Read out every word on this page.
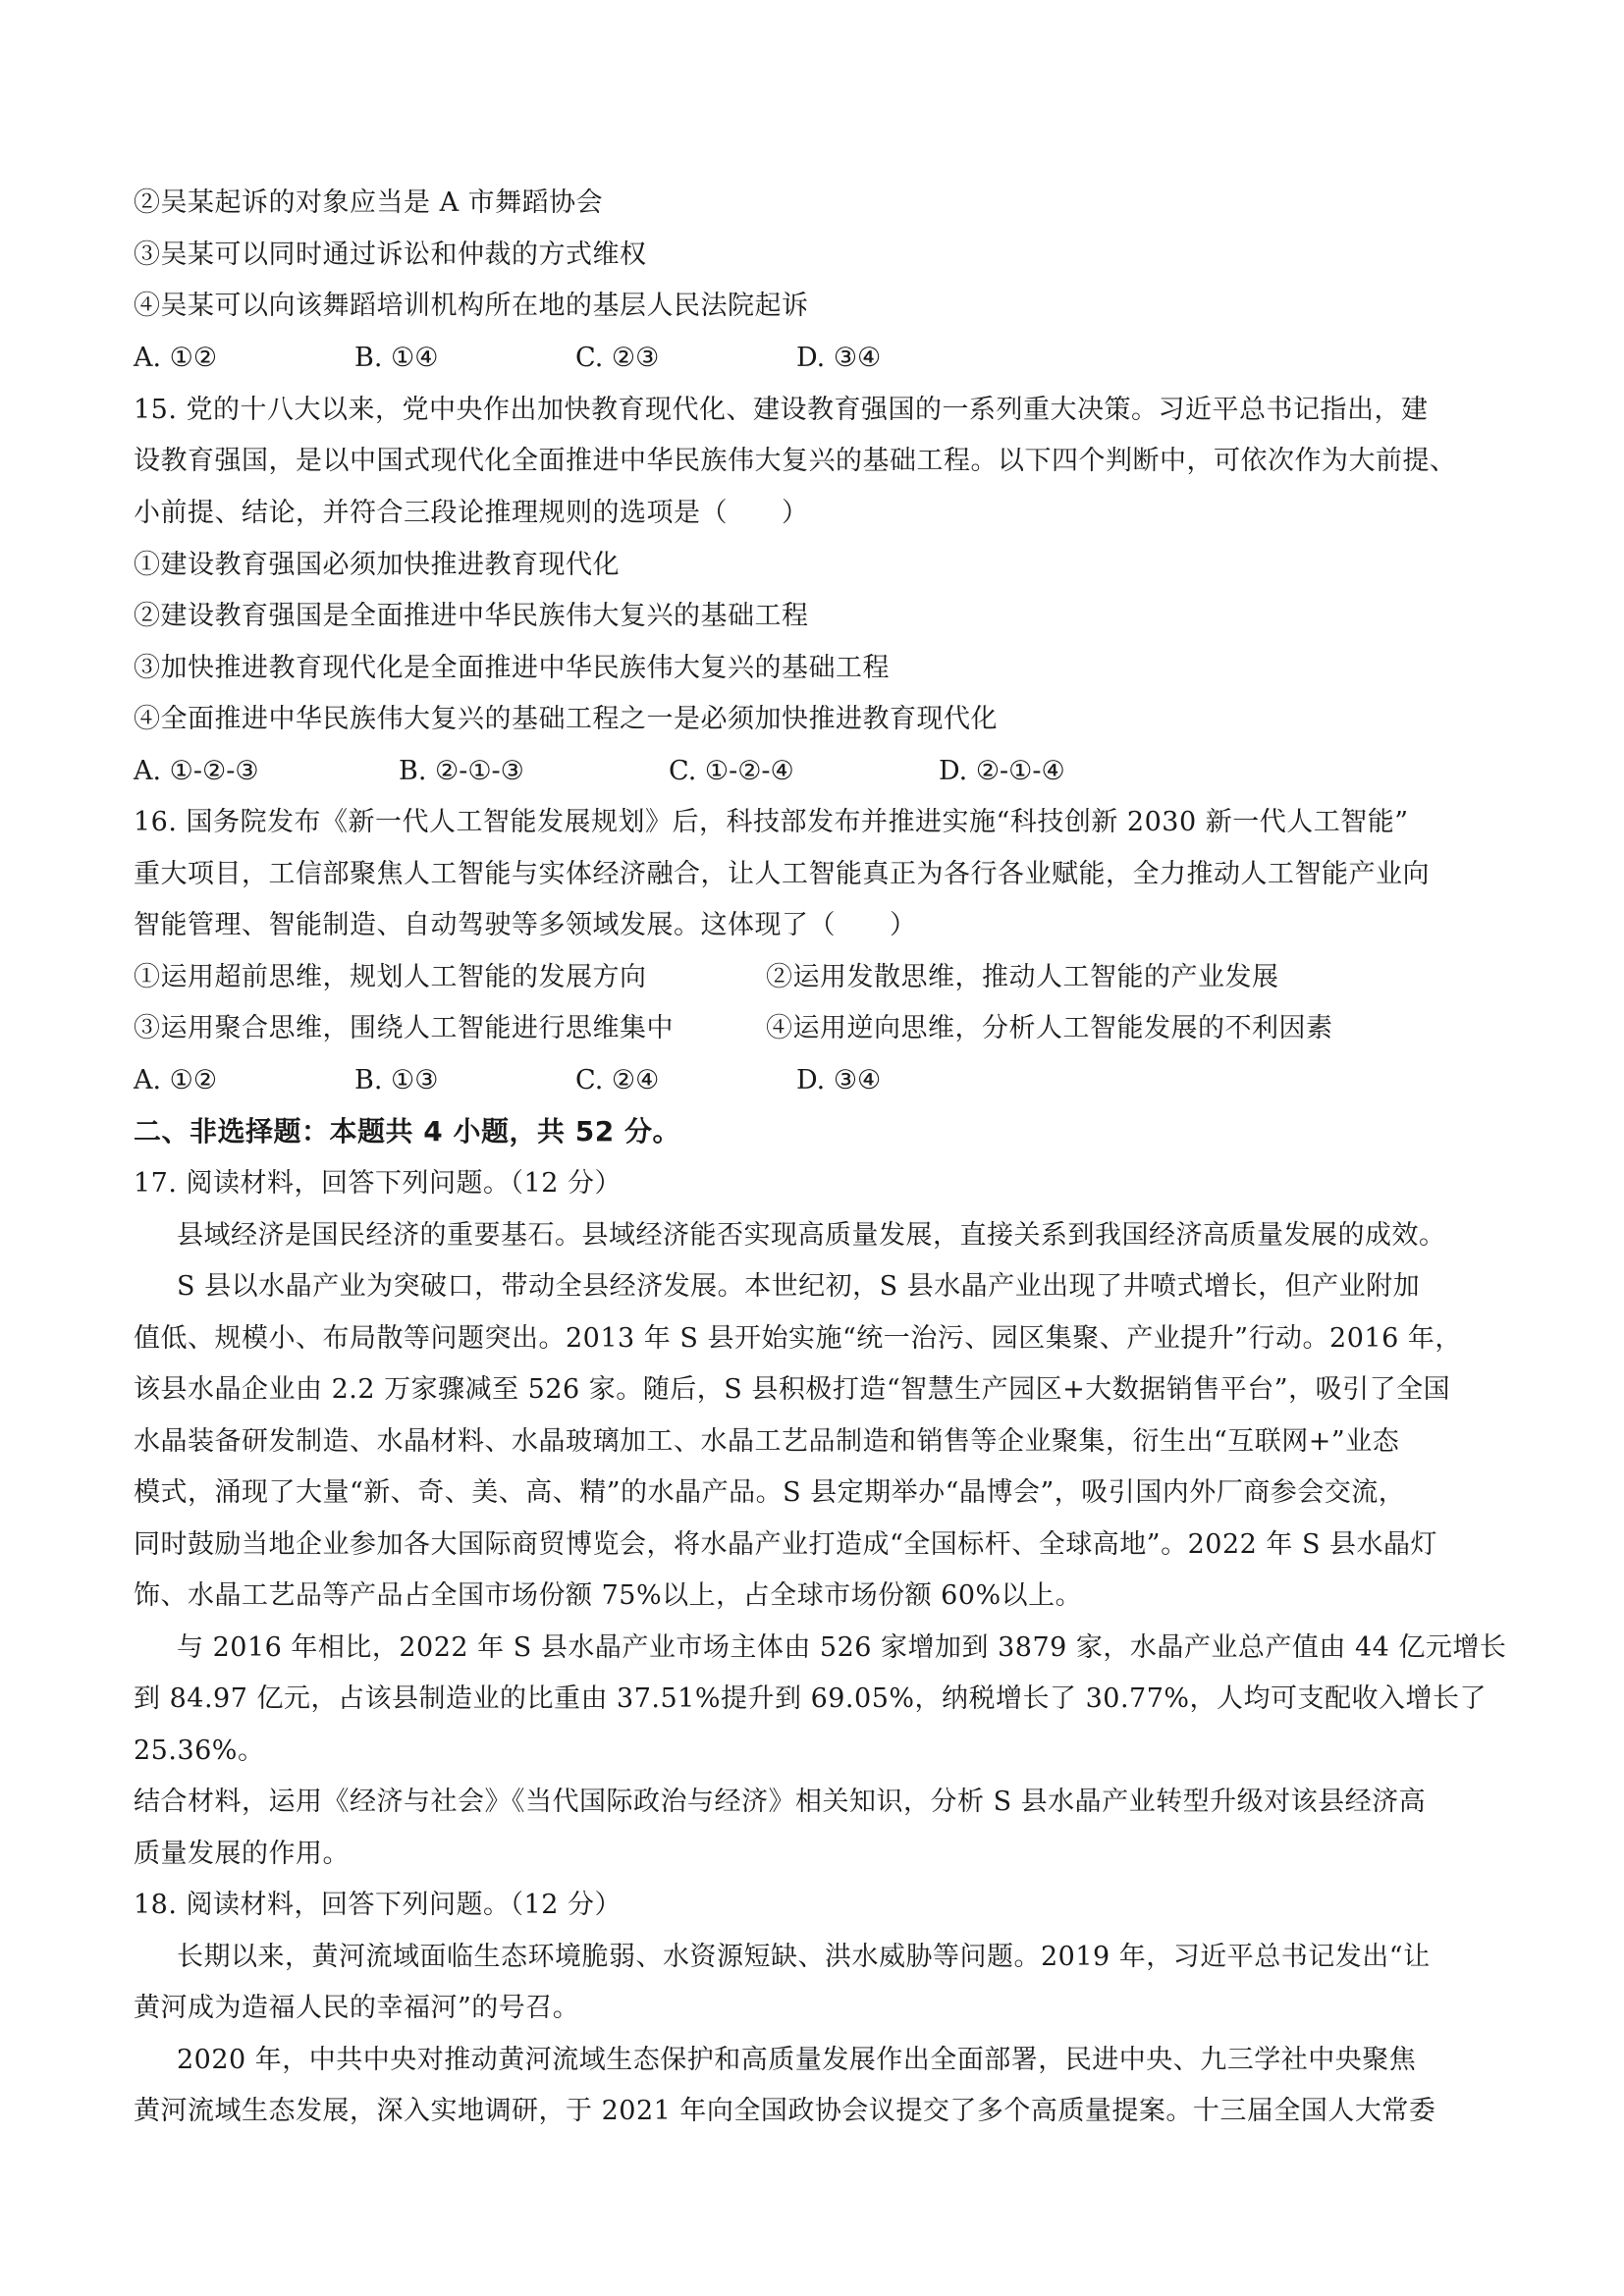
②吴某起诉的对象应当是 A 市舞蹈协会
③吴某可以同时通过诉讼和仲裁的方式维权
④吴某可以向该舞蹈培训机构所在地的基层人民法院起诉
A. ①②	B. ①④	C. ②③	D. ③④
15. 党的十八大以来，党中央作出加快教育现代化、建设教育强国的一系列重大决策。习近平总书记指出，建
设教育强国，是以中国式现代化全面推进中华民族伟大复兴的基础工程。以下四个判断中，可依次作为大前提、
小前提、结论，并符合三段论推理规则的选项是（　　）
①建设教育强国必须加快推进教育现代化
②建设教育强国是全面推进中华民族伟大复兴的基础工程
③加快推进教育现代化是全面推进中华民族伟大复兴的基础工程
④全面推进中华民族伟大复兴的基础工程之一是必须加快推进教育现代化
A. ①-②-③	B. ②-①-③	C. ①-②-④	D. ②-①-④
16. 国务院发布《新一代人工智能发展规划》后，科技部发布并推进实施“科技创新 2030 新一代人工智能”
重大项目，工信部聚焦人工智能与实体经济融合，让人工智能真正为各行各业赋能，全力推动人工智能产业向
智能管理、智能制造、自动驾驶等多领域发展。这体现了（　　）
①运用超前思维，规划人工智能的发展方向	②运用发散思维，推动人工智能的产业发展
③运用聚合思维，围绕人工智能进行思维集中	④运用逆向思维，分析人工智能发展的不利因素
A. ①②	B. ①③	C. ②④	D. ③④
二、非选择题：本题共 4 小题，共 52 分。
17. 阅读材料，回答下列问题。（12 分）
县域经济是国民经济的重要基石。县域经济能否实现高质量发展，直接关系到我国经济高质量发展的成效。
S 县以水晶产业为突破口，带动全县经济发展。本世纪初，S 县水晶产业出现了井喷式增长，但产业附加
值低、规模小、布局散等问题突出。2013 年 S 县开始实施“统一治污、园区集聚、产业提升”行动。2016 年，
该县水晶企业由 2.2 万家骤减至 526 家。随后，S 县积极打造“智慧生产园区+大数据销售平台”，吸引了全国
水晶装备研发制造、水晶材料、水晶玻璃加工、水晶工艺品制造和销售等企业聚集，衍生出“互联网+”业态
模式，涌现了大量“新、奇、美、高、精”的水晶产品。S 县定期举办“晶博会”，吸引国内外厂商参会交流，
同时鼓励当地企业参加各大国际商贸博览会，将水晶产业打造成“全国标杆、全球高地”。2022 年 S 县水晶灯
饰、水晶工艺品等产品占全国市场份额 75%以上，占全球市场份额 60%以上。
与 2016 年相比，2022 年 S 县水晶产业市场主体由 526 家增加到 3879 家，水晶产业总产值由 44 亿元增长
到 84.97 亿元，占该县制造业的比重由 37.51%提升到 69.05%，纳税增长了 30.77%，人均可支配收入增长了
25.36%。
结合材料，运用《经济与社会》《当代国际政治与经济》相关知识，分析 S 县水晶产业转型升级对该县经济高
质量发展的作用。
18. 阅读材料，回答下列问题。（12 分）
长期以来，黄河流域面临生态环境脆弱、水资源短缺、洪水威胁等问题。2019 年，习近平总书记发出“让
黄河成为造福人民的幸福河”的号召。
2020 年，中共中央对推动黄河流域生态保护和高质量发展作出全面部署，民进中央、九三学社中央聚焦
黄河流域生态发展，深入实地调研，于 2021 年向全国政协会议提交了多个高质量提案。十三届全国人大常委
